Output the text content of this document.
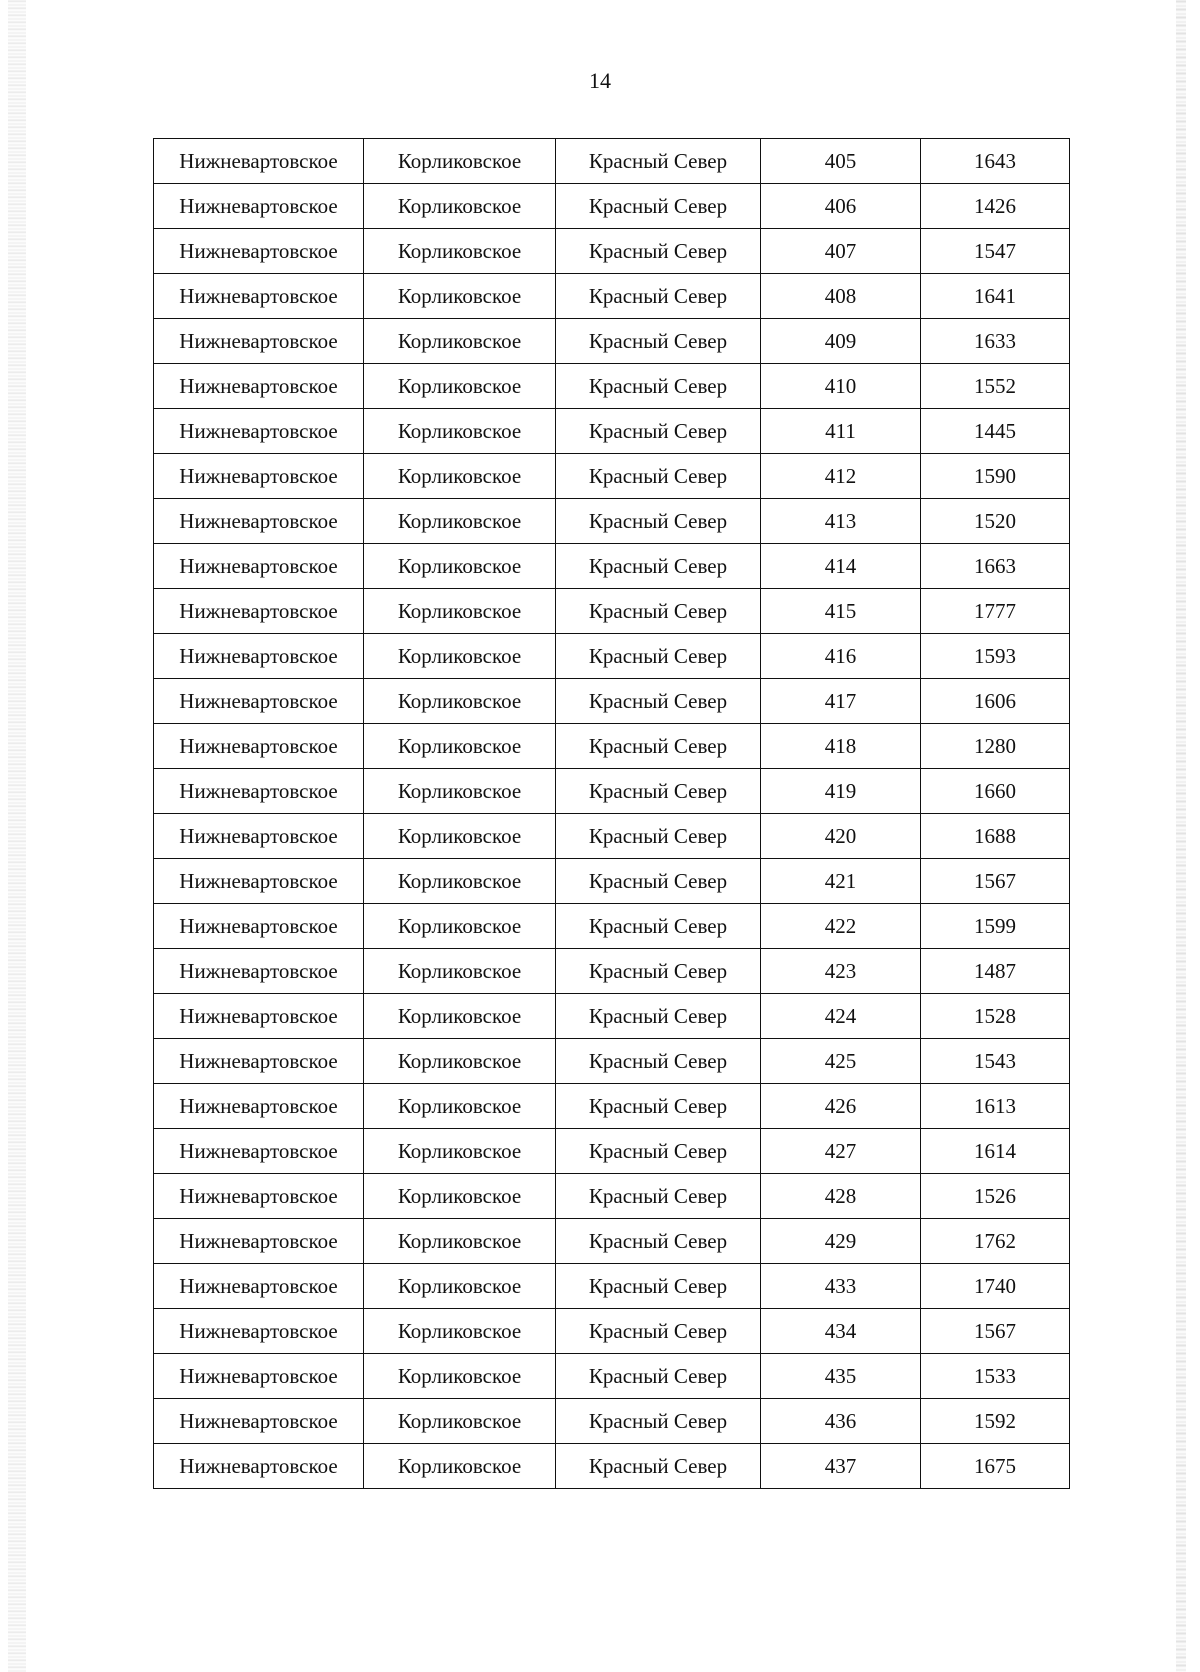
14
Нижневартовское	Корликовское	Красный Север	405	1643
Нижневартовское	Корликовское	Красный Север	406	1426
Нижневартовское	Корликовское	Красный Север	407	1547
Нижневартовское	Корликовское	Красный Север	408	1641
Нижневартовское	Корликовское	Красный Север	409	1633
Нижневартовское	Корликовское	Красный Север	410	1552
Нижневартовское	Корликовское	Красный Север	411	1445
Нижневартовское	Корликовское	Красный Север	412	1590
Нижневартовское	Корликовское	Красный Север	413	1520
Нижневартовское	Корликовское	Красный Север	414	1663
Нижневартовское	Корликовское	Красный Север	415	1777
Нижневартовское	Корликовское	Красный Север	416	1593
Нижневартовское	Корликовское	Красный Север	417	1606
Нижневартовское	Корликовское	Красный Север	418	1280
Нижневартовское	Корликовское	Красный Север	419	1660
Нижневартовское	Корликовское	Красный Север	420	1688
Нижневартовское	Корликовское	Красный Север	421	1567
Нижневартовское	Корликовское	Красный Север	422	1599
Нижневартовское	Корликовское	Красный Север	423	1487
Нижневартовское	Корликовское	Красный Север	424	1528
Нижневартовское	Корликовское	Красный Север	425	1543
Нижневартовское	Корликовское	Красный Север	426	1613
Нижневартовское	Корликовское	Красный Север	427	1614
Нижневартовское	Корликовское	Красный Север	428	1526
Нижневартовское	Корликовское	Красный Север	429	1762
Нижневартовское	Корликовское	Красный Север	433	1740
Нижневартовское	Корликовское	Красный Север	434	1567
Нижневартовское	Корликовское	Красный Север	435	1533
Нижневартовское	Корликовское	Красный Север	436	1592
Нижневартовское	Корликовское	Красный Север	437	1675
